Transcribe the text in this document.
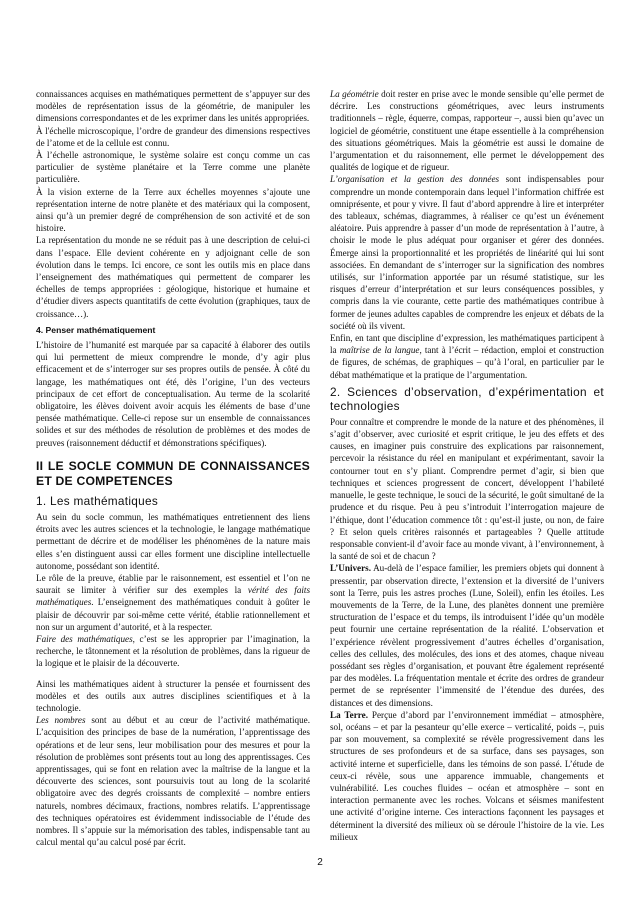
connaissances acquises en mathématiques permettent de s’appuyer sur des modèles de représentation issus de la géométrie, de manipuler les dimensions correspondantes et de les exprimer dans les unités appropriées.

À l'échelle microscopique, l’ordre de grandeur des dimensions respectives de l’atome et de la cellule est connu.

À l’échelle astronomique, le système solaire est conçu comme un cas particulier de système planétaire et la Terre comme une planète particulière.

À la vision externe de la Terre aux échelles moyennes s’ajoute une représentation interne de notre planète et des matériaux qui la composent, ainsi qu’à un premier degré de compréhension de son activité et de son histoire.

La représentation du monde ne se réduit pas à une description de celui-ci dans l’espace. Elle devient cohérente en y adjoignant celle de son évolution dans le temps. Ici encore, ce sont les outils mis en place dans l’enseignement des mathématiques qui permettent de comparer les échelles de temps appropriées : géologique, historique et humaine et d’étudier divers aspects quantitatifs de cette évolution (graphiques, taux de croissance…).

4. Penser mathématiquement

L’histoire de l’humanité est marquée par sa capacité à élaborer des outils qui lui permettent de mieux comprendre le monde, d’y agir plus efficacement et de s’interroger sur ses propres outils de pensée. À côté du langage, les mathématiques ont été, dès l’origine, l’un des vecteurs principaux de cet effort de conceptualisation. Au terme de la scolarité obligatoire, les élèves doivent avoir acquis les éléments de base d’une pensée mathématique. Celle-ci repose sur un ensemble de connaissances solides et sur des méthodes de résolution de problèmes et des modes de preuves (raisonnement déductif et démonstrations spécifiques).

II LE SOCLE COMMUN DE CONNAISSANCES ET DE COMPETENCES
1. Les mathématiques

Au sein du socle commun, les mathématiques entretiennent des liens étroits avec les autres sciences et la technologie, le langage mathématique permettant de décrire et de modéliser les phénomènes de la nature mais elles s’en distinguent aussi car elles forment une discipline intellectuelle autonome, possédant son identité.

Le rôle de la preuve, établie par le raisonnement, est essentiel et l’on ne saurait se limiter à vérifier sur des exemples la vérité des faits mathématiques. L’enseignement des mathématiques conduit à goûter le plaisir de découvrir par soi-même cette vérité, établie rationnellement et non sur un argument d’autorité, et à la respecter.

Faire des mathématiques, c’est se les approprier par l’imagination, la recherche, le tâtonnement et la résolution de problèmes, dans la rigueur de la logique et le plaisir de la découverte.

Ainsi les mathématiques aident à structurer la pensée et fournissent des modèles et des outils aux autres disciplines scientifiques et à la technologie.

Les nombres sont au début et au cœur de l’activité mathématique. L’acquisition des principes de base de la numération, l’apprentissage des opérations et de leur sens, leur mobilisation pour des mesures et pour la résolution de problèmes sont présents tout au long des apprentissages. Ces apprentissages, qui se font en relation avec la maîtrise de la langue et la découverte des sciences, sont poursuivis tout au long de la scolarité obligatoire avec des degrés croissants de complexité – nombre entiers naturels, nombres décimaux, fractions, nombres relatifs. L’apprentissage des techniques opératoires est évidemment indissociable de l’étude des nombres. Il s’appuie sur la mémorisation des tables, indispensable tant au calcul mental qu’au calcul posé par écrit.

La géométrie doit rester en prise avec le monde sensible qu’elle permet de décrire. Les constructions géométriques, avec leurs instruments traditionnels – règle, équerre, compas, rapporteur –, aussi bien qu’avec un logiciel de géométrie, constituent une étape essentielle à la compréhension des situations géométriques. Mais la géométrie est aussi le domaine de l’argumentation et du raisonnement, elle permet le développement des qualités de logique et de rigueur.

L’organisation et la gestion des données sont indispensables pour comprendre un monde contemporain dans lequel l’information chiffrée est omniprésente, et pour y vivre. Il faut d’abord apprendre à lire et interpréter des tableaux, schémas, diagrammes, à réaliser ce qu’est un événement aléatoire. Puis apprendre à passer d’un mode de représentation à l’autre, à choisir le mode le plus adéquat pour organiser et gérer des données. Émerge ainsi la proportionnalité et les propriétés de linéarité qui lui sont associées. En demandant de s’interroger sur la signification des nombres utilisés, sur l’information apportée par un résumé statistique, sur les risques d’erreur d’interprétation et sur leurs conséquences possibles, y compris dans la vie courante, cette partie des mathématiques contribue à former de jeunes adultes capables de comprendre les enjeux et débats de la société où ils vivent.

Enfin, en tant que discipline d’expression, les mathématiques participent à la maîtrise de la langue, tant à l’écrit – rédaction, emploi et construction de figures, de schémas, de graphiques – qu’à l’oral, en particulier par le débat mathématique et la pratique de l’argumentation.

2. Sciences d’observation, d’expérimentation et technologies

Pour connaître et comprendre le monde de la nature et des phénomènes, il s’agit d’observer, avec curiosité et esprit critique, le jeu des effets et des causes, en imaginer puis construire des explications par raisonnement, percevoir la résistance du réel en manipulant et expérimentant, savoir la contourner tout en s’y pliant. Comprendre permet d’agir, si bien que techniques et sciences progressent de concert, développent l’habileté manuelle, le geste technique, le souci de la sécurité, le goût simultané de la prudence et du risque. Peu à peu s’introduit l’interrogation majeure de l’éthique, dont l’éducation commence tôt : qu’est-il juste, ou non, de faire ? Et selon quels critères raisonnés et partageables ? Quelle attitude responsable convient-il d’avoir face au monde vivant, à l’environnement, à la santé de soi et de chacun ?

L’Univers. Au-delà de l’espace familier, les premiers objets qui donnent à pressentir, par observation directe, l’extension et la diversité de l’univers sont la Terre, puis les astres proches (Lune, Soleil), enfin les étoiles. Les mouvements de la Terre, de la Lune, des planètes donnent une première structuration de l’espace et du temps, ils introduisent l’idée qu’un modèle peut fournir une certaine représentation de la réalité. L’observation et l’expérience révèlent progressivement d’autres échelles d’organisation, celles des cellules, des molécules, des ions et des atomes, chaque niveau possédant ses règles d’organisation, et pouvant être également représenté par des modèles. La fréquentation mentale et écrite des ordres de grandeur permet de se représenter l’immensité de l’étendue des durées, des distances et des dimensions.

La Terre. Perçue d’abord par l’environnement immédiat – atmosphère, sol, océans – et par la pesanteur qu’elle exerce – verticalité, poids –, puis par son mouvement, sa complexité se révèle progressivement dans les structures de ses profondeurs et de sa surface, dans ses paysages, son activité interne et superficielle, dans les témoins de son passé. L’étude de ceux-ci révèle, sous une apparence immuable, changements et vulnérabilité. Les couches fluides – océan et atmosphère – sont en interaction permanente avec les roches. Volcans et séismes manifestent une activité d’origine interne. Ces interactions façonnent les paysages et déterminent la diversité des milieux où se déroule l’histoire de la vie. Les milieux

2
